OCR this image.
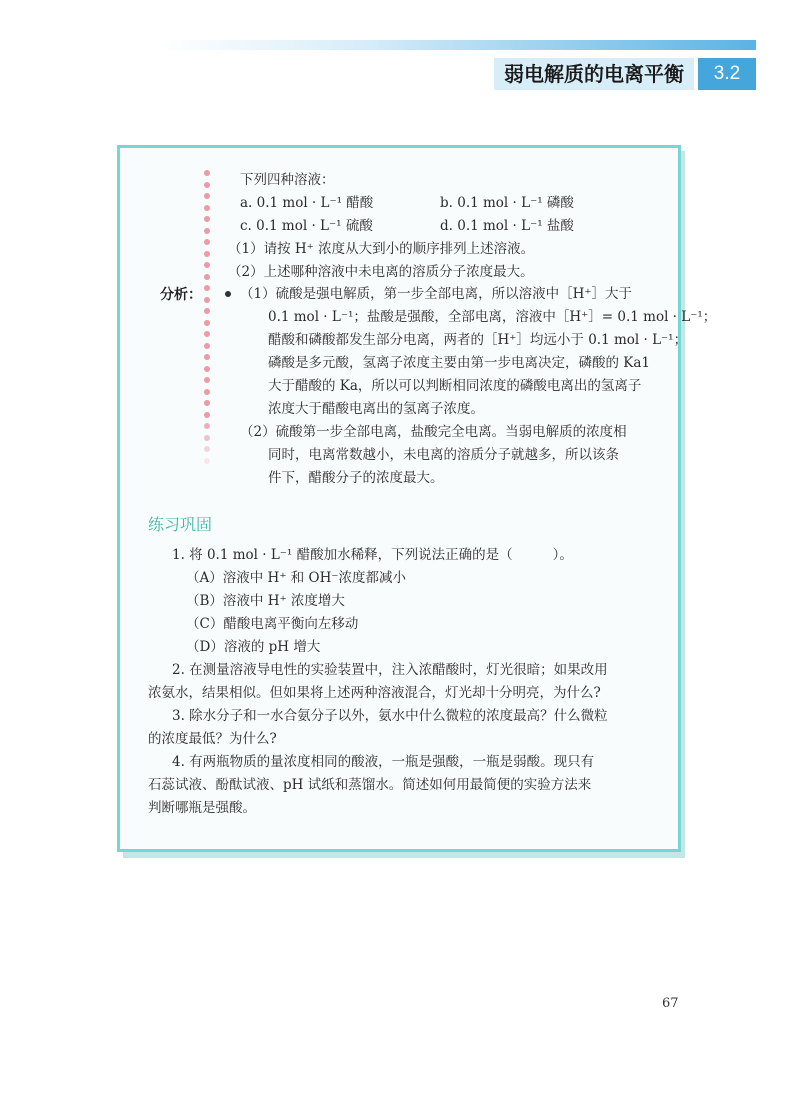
弱电解质的电离平衡	3.2
下列四种溶液：
a. 0.1 mol · L⁻¹ 醋酸	b. 0.1 mol · L⁻¹ 磷酸
c. 0.1 mol · L⁻¹ 硫酸	d. 0.1 mol · L⁻¹ 盐酸
（1）请按 H⁺ 浓度从大到小的顺序排列上述溶液。
（2）上述哪种溶液中未电离的溶质分子浓度最大。
分析：	（1）硫酸是强电解质，第一步全部电离，所以溶液中［H⁺］大于
0.1 mol · L⁻¹；盐酸是强酸，全部电离，溶液中［H⁺］= 0.1 mol · L⁻¹；
醋酸和磷酸都发生部分电离，两者的［H⁺］均远小于 0.1 mol · L⁻¹；
磷酸是多元酸，氢离子浓度主要由第一步电离决定，磷酸的 Ka1
大于醋酸的 Ka，所以可以判断相同浓度的磷酸电离出的氢离子
浓度大于醋酸电离出的氢离子浓度。
（2）硫酸第一步全部电离，盐酸完全电离。当弱电解质的浓度相
同时，电离常数越小，未电离的溶质分子就越多，所以该条
件下，醋酸分子的浓度最大。
练习巩固
1. 将 0.1 mol · L⁻¹ 醋酸加水稀释，下列说法正确的是（	）。
（A）溶液中 H⁺ 和 OH⁻浓度都减小
（B）溶液中 H⁺ 浓度增大
（C）醋酸电离平衡向左移动
（D）溶液的 pH 增大
2. 在测量溶液导电性的实验装置中，注入浓醋酸时，灯光很暗；如果改用
浓氨水，结果相似。但如果将上述两种溶液混合，灯光却十分明亮，为什么?
3. 除水分子和一水合氨分子以外，氨水中什么微粒的浓度最高？什么微粒
的浓度最低？为什么?
4. 有两瓶物质的量浓度相同的酸液，一瓶是强酸，一瓶是弱酸。现只有
石蕊试液、酚酞试液、pH 试纸和蒸馏水。简述如何用最简便的实验方法来
判断哪瓶是强酸。
67
